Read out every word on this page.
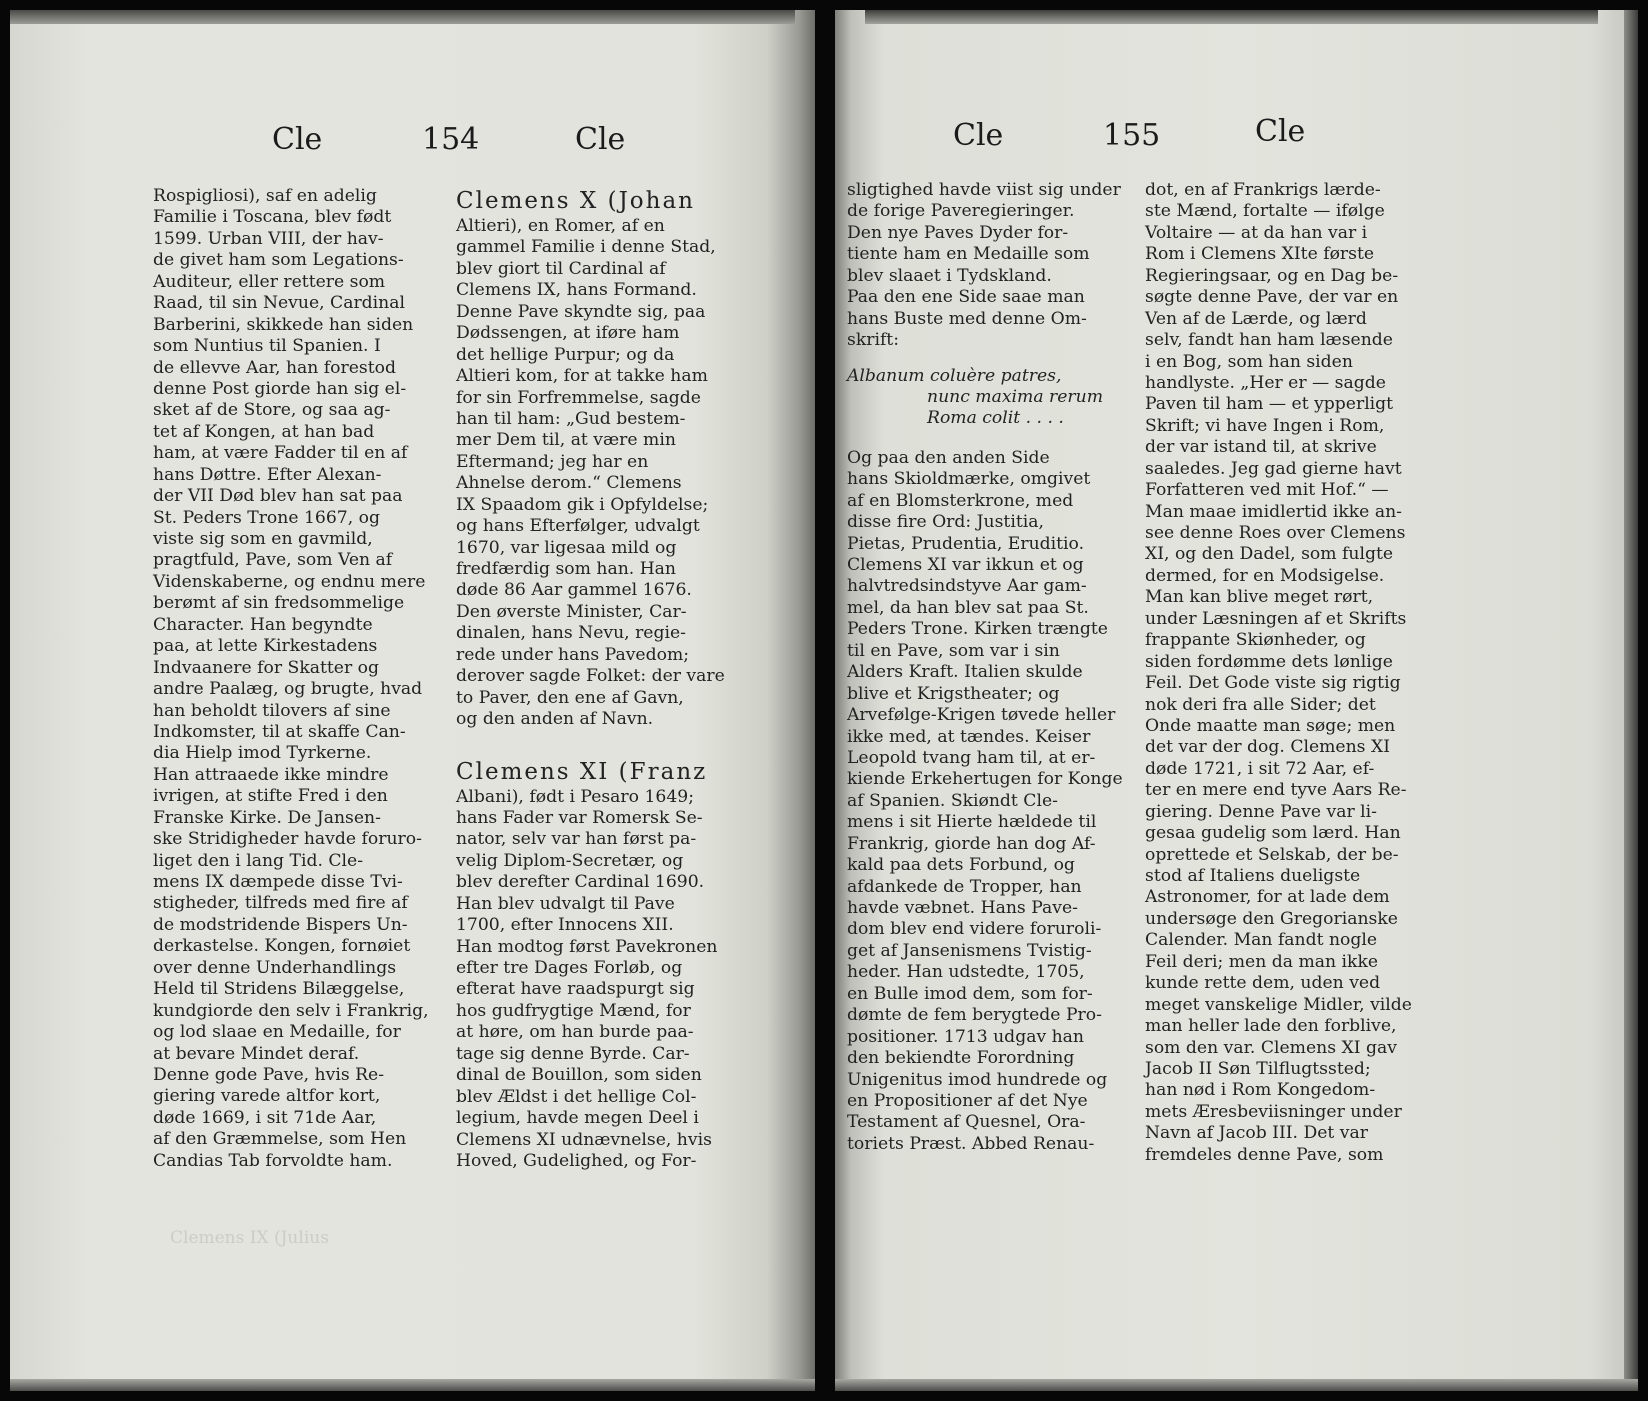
Cle	154	Cle
Rospigliosi), saf en adelig
Familie i Toscana, blev født
1599. Urban VIII, der hav-
de givet ham som Legations-
Auditeur, eller rettere som
Raad, til sin Nevue, Cardinal
Barberini, skikkede han siden
som Nuntius til Spanien. I
de ellevve Aar, han forestod
denne Post giorde han sig el-
sket af de Store, og saa ag-
tet af Kongen, at han bad
ham, at være Fadder til en af
hans Døttre. Efter Alexan-
der VII Død blev han sat paa
St. Peders Trone 1667, og
viste sig som en gavmild,
pragtfuld, Pave, som Ven af
Videnskaberne, og endnu mere
berømt af sin fredsommelige
Character. Han begyndte
paa, at lette Kirkestadens
Indvaanere for Skatter og
andre Paalæg, og brugte, hvad
han beholdt tilovers af sine
Indkomster, til at skaffe Can-
dia Hielp imod Tyrkerne.
Han attraaede ikke mindre
ivrigen, at stifte Fred i den
Franske Kirke. De Jansen-
ske Stridigheder havde foruro-
liget den i lang Tid. Cle-
mens IX dæmpede disse Tvi-
stigheder, tilfreds med fire af
de modstridende Bispers Un-
derkastelse. Kongen, fornøiet
over denne Underhandlings
Held til Stridens Bilæggelse,
kundgiorde den selv i Frankrig,
og lod slaae en Medaille, for
at bevare Mindet deraf.
Denne gode Pave, hvis Re-
giering varede altfor kort,
døde 1669, i sit 71de Aar,
af den Græmmelse, som Hen
Candias Tab forvoldte ham.
Clemens X (Johan
Altieri), en Romer, af en
gammel Familie i denne Stad,
blev giort til Cardinal af
Clemens IX, hans Formand.
Denne Pave skyndte sig, paa
Dødssengen, at iføre ham
det hellige Purpur; og da
Altieri kom, for at takke ham
for sin Forfremmelse, sagde
han til ham: „Gud bestem-
mer Dem til, at være min
Eftermand; jeg har en
Ahnelse derom.“ Clemens
IX Spaadom gik i Opfyldelse;
og hans Efterfølger, udvalgt
1670, var ligesaa mild og
fredfærdig som han. Han
døde 86 Aar gammel 1676.
Den øverste Minister, Car-
dinalen, hans Nevu, regie-
rede under hans Pavedom;
derover sagde Folket: der vare
to Paver, den ene af Gavn,
og den anden af Navn.
Clemens XI (Franz
Albani), født i Pesaro 1649;
hans Fader var Romersk Se-
nator, selv var han først pa-
velig Diplom-Secretær, og
blev derefter Cardinal 1690.
Han blev udvalgt til Pave
1700, efter Innocens XII.
Han modtog først Pavekronen
efter tre Dages Forløb, og
efterat have raadspurgt sig
hos gudfrygtige Mænd, for
at høre, om han burde paa-
tage sig denne Byrde. Car-
dinal de Bouillon, som siden
blev Ældst i det hellige Col-
legium, havde megen Deel i
Clemens XI udnævnelse, hvis
Hoved, Gudelighed, og For-
Clemens IX (Julius
Cle	155	Cle
sligtighed havde viist sig under
de forige Paveregieringer.
Den nye Paves Dyder for-
tiente ham en Medaille som
blev slaaet i Tydskland.
Paa den ene Side saae man
hans Buste med denne Om-
skrift:
Albanum coluère patres,
nunc maxima rerum
Roma colit . . . .
Og paa den anden Side
hans Skioldmærke, omgivet
af en Blomsterkrone, med
disse fire Ord: Justitia,
Pietas, Prudentia, Eruditio.
Clemens XI var ikkun et og
halvtredsindstyve Aar gam-
mel, da han blev sat paa St.
Peders Trone. Kirken trængte
til en Pave, som var i sin
Alders Kraft. Italien skulde
blive et Krigstheater; og
Arvefølge-Krigen tøvede heller
ikke med, at tændes. Keiser
Leopold tvang ham til, at er-
kiende Erkehertugen for Konge
af Spanien. Skiøndt Cle-
mens i sit Hierte hældede til
Frankrig, giorde han dog Af-
kald paa dets Forbund, og
afdankede de Tropper, han
havde væbnet. Hans Pave-
dom blev end videre foruroli-
get af Jansenismens Tvistig-
heder. Han udstedte, 1705,
en Bulle imod dem, som for-
dømte de fem berygtede Pro-
positioner. 1713 udgav han
den bekiendte Forordning
Unigenitus imod hundrede og
en Propositioner af det Nye
Testament af Quesnel, Ora-
toriets Præst. Abbed Renau-
dot, en af Frankrigs lærde-
ste Mænd, fortalte — ifølge
Voltaire — at da han var i
Rom i Clemens XIte første
Regieringsaar, og en Dag be-
søgte denne Pave, der var en
Ven af de Lærde, og lærd
selv, fandt han ham læsende
i en Bog, som han siden
handlyste. „Her er — sagde
Paven til ham — et ypperligt
Skrift; vi have Ingen i Rom,
der var istand til, at skrive
saaledes. Jeg gad gierne havt
Forfatteren ved mit Hof.“ —
Man maae imidlertid ikke an-
see denne Roes over Clemens
XI, og den Dadel, som fulgte
dermed, for en Modsigelse.
Man kan blive meget rørt,
under Læsningen af et Skrifts
frappante Skiønheder, og
siden fordømme dets lønlige
Feil. Det Gode viste sig rigtig
nok deri fra alle Sider; det
Onde maatte man søge; men
det var der dog. Clemens XI
døde 1721, i sit 72 Aar, ef-
ter en mere end tyve Aars Re-
giering. Denne Pave var li-
gesaa gudelig som lærd. Han
oprettede et Selskab, der be-
stod af Italiens dueligste
Astronomer, for at lade dem
undersøge den Gregorianske
Calender. Man fandt nogle
Feil deri; men da man ikke
kunde rette dem, uden ved
meget vanskelige Midler, vilde
man heller lade den forblive,
som den var. Clemens XI gav
Jacob II Søn Tilflugtssted;
han nød i Rom Kongedom-
mets Æresbeviisninger under
Navn af Jacob III. Det var
fremdeles denne Pave, som
